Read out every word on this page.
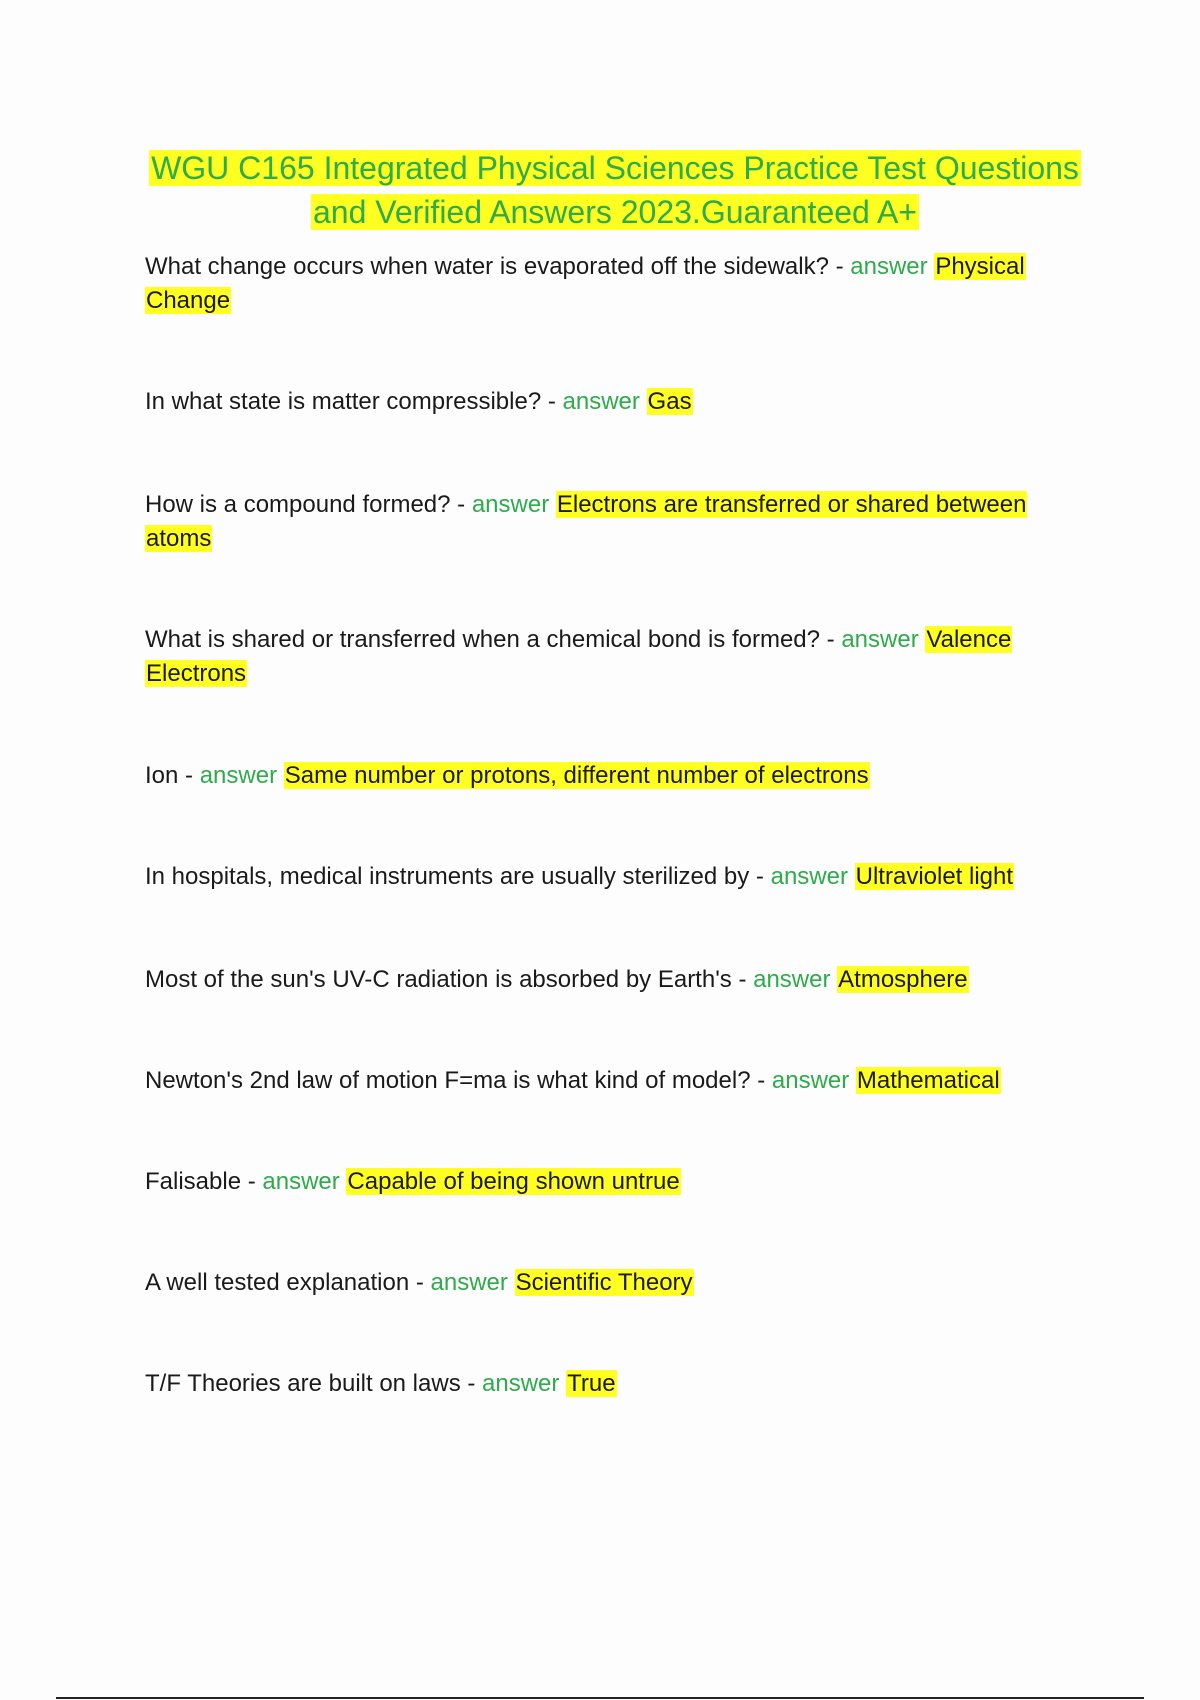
WGU C165 Integrated Physical Sciences Practice Test Questions and Verified Answers 2023.Guaranteed A+
What change occurs when water is evaporated off the sidewalk? - answer Physical Change
In what state is matter compressible? - answer Gas
How is a compound formed? - answer Electrons are transferred or shared between atoms
What is shared or transferred when a chemical bond is formed? - answer Valence Electrons
Ion - answer Same number or protons, different number of electrons
In hospitals, medical instruments are usually sterilized by - answer Ultraviolet light
Most of the sun's UV-C radiation is absorbed by Earth's - answer Atmosphere
Newton's 2nd law of motion F=ma is what kind of model? - answer Mathematical
Falisable - answer Capable of being shown untrue
A well tested explanation - answer Scientific Theory
T/F Theories are built on laws - answer True
